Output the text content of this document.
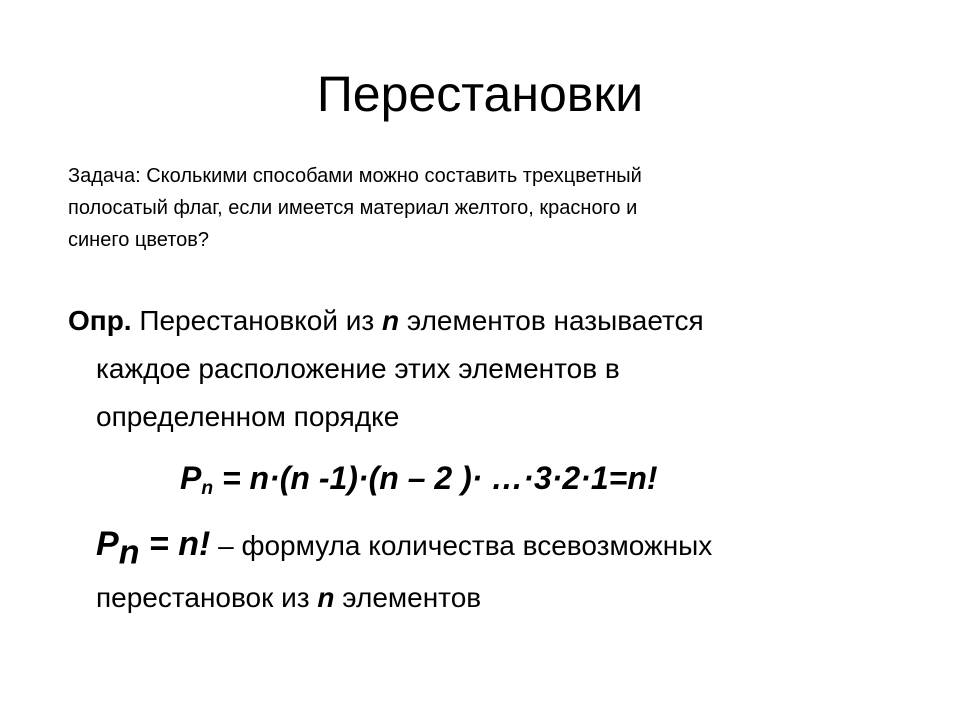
Перестановки
Задача: Сколькими способами можно составить трехцветный
полосатый флаг, если имеется материал желтого, красного и
синего цветов?
Опр. Перестановкой из n элементов называется
каждое расположение этих элементов в
определенном порядке
$P_n = n\cdot(n$ -1)·(n – 2 )· …·3·2·1=n!
$P_n = n$! – формула количества всевозможных
перестановок из n элементов
